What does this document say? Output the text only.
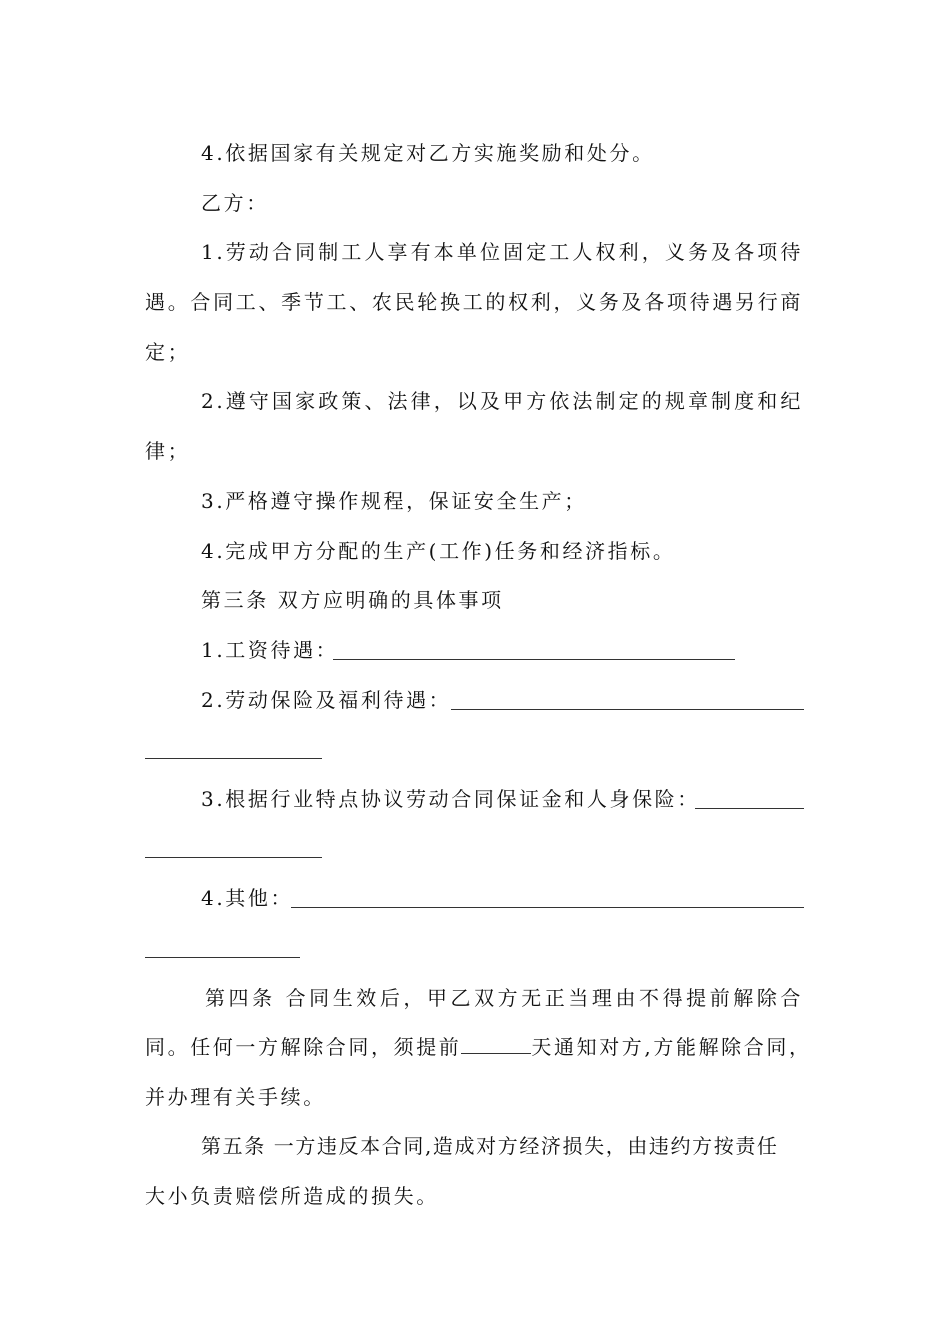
4.依据国家有关规定对乙方实施奖励和处分。
乙方：
1.劳动合同制工人享有本单位固定工人权利，义务及各项待
遇。合同工、季节工、农民轮换工的权利，义务及各项待遇另行商
定；
2.遵守国家政策、法律，以及甲方依法制定的规章制度和纪
律；
3.严格遵守操作规程，保证安全生产；
4.完成甲方分配的生产(工作)任务和经济指标。
第三条 双方应明确的具体事项
1.工资待遇：
2.劳动保险及福利待遇：
3.根据行业特点协议劳动合同保证金和人身保险：
4.其他：
第四条 合同生效后，甲乙双方无正当理由不得提前解除合
同。任何一方解除合同，须提前	天通知对方,方能解除合同，
并办理有关手续。
第五条 一方违反本合同,造成对方经济损失，由违约方按责任
大小负责赔偿所造成的损失。
